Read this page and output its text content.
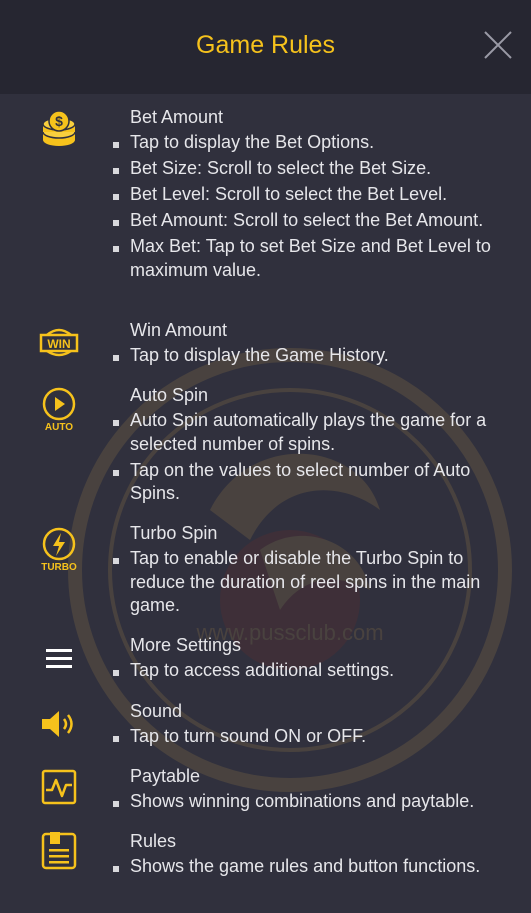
www.pussclub.com
Game Rules
$	Bet Amount
Tap to display the Bet Options.
Bet Size: Scroll to select the Bet Size.
Bet Level: Scroll to select the Bet Level.
Bet Amount: Scroll to select the Bet Amount.
Max Bet: Tap to set Bet Size and Bet Level to maximum value.
WIN
Win Amount
Tap to display the Game History.
AUTO
Auto Spin
Auto Spin automatically plays the game for a selected number of spins.
Tap on the values to select number of Auto Spins.
TURBO
Turbo Spin
Tap to enable or disable the Turbo Spin to reduce the duration of reel spins in the main game.
More Settings
Tap to access additional settings.
Sound
Tap to turn sound ON or OFF.
Paytable
Shows winning combinations and paytable.
Rules
Shows the game rules and button functions.
